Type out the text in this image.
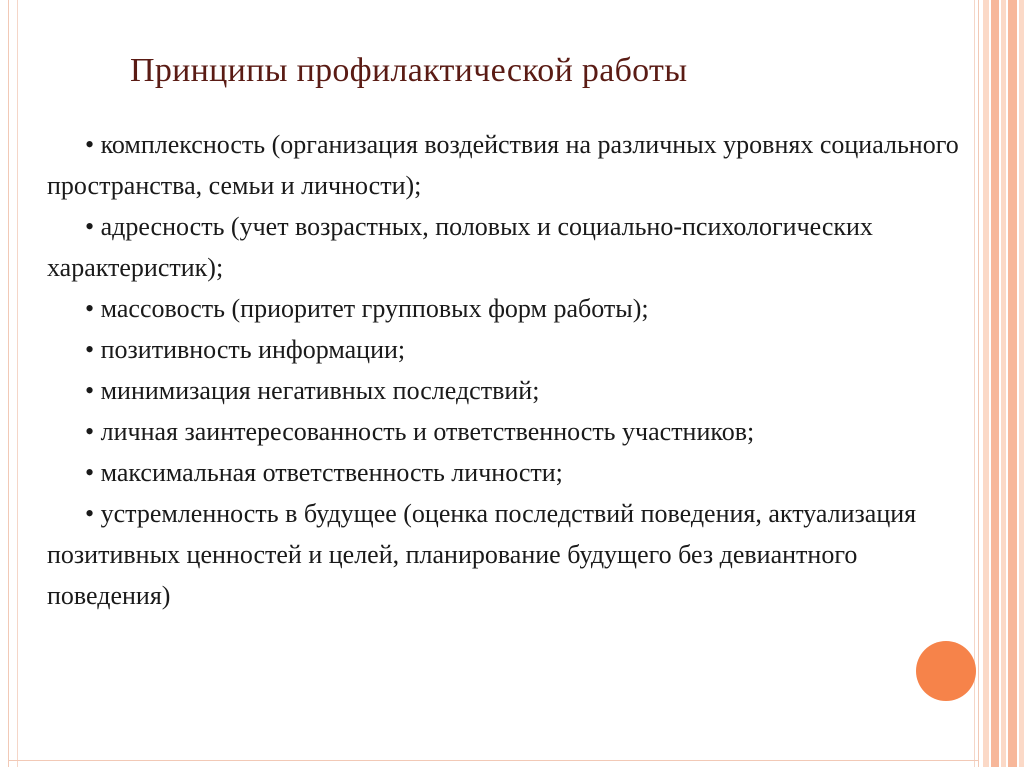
Принципы профилактической работы

• комплексность (организация воздействия на различных уровнях социального пространства, семьи и личности);

• адресность (учет возрастных, половых и социально-психологических характеристик);

• массовость (приоритет групповых форм работы);

• позитивность информации;

• минимизация негативных последствий;

• личная заинтересованность и ответственность участников;

• максимальная ответственность личности;

• устремленность в будущее (оценка последствий поведения, актуализация позитивных ценностей и целей, планирование будущего без девиантного поведения)
